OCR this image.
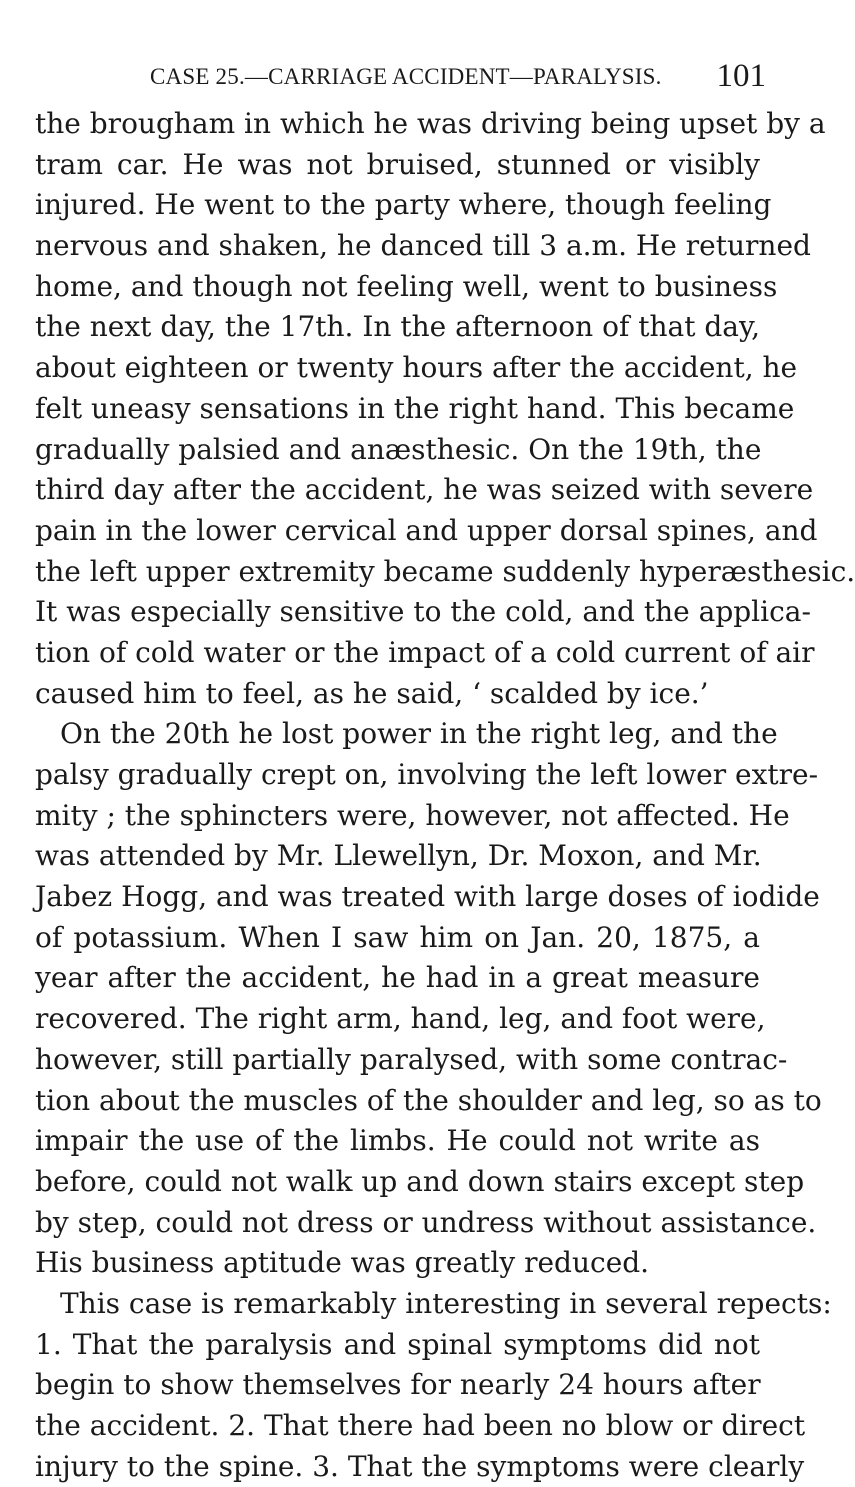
CASE 25.—CARRIAGE ACCIDENT—PARALYSIS. 101
the brougham in which he was driving being upset by a
tram car. He was not bruised, stunned or visibly
injured. He went to the party where, though feeling
nervous and shaken, he danced till 3 a.m. He returned
home, and though not feeling well, went to business
the next day, the 17th. In the afternoon of that day,
about eighteen or twenty hours after the accident, he
felt uneasy sensations in the right hand. This became
gradually palsied and anæsthesic. On the 19th, the
third day after the accident, he was seized with severe
pain in the lower cervical and upper dorsal spines, and
the left upper extremity became suddenly hyperæsthesic.
It was especially sensitive to the cold, and the applica-
tion of cold water or the impact of a cold current of air
caused him to feel, as he said, ‘ scalded by ice.’
On the 20th he lost power in the right leg, and the
palsy gradually crept on, involving the left lower extre-
mity ; the sphincters were, however, not affected. He
was attended by Mr. Llewellyn, Dr. Moxon, and Mr.
Jabez Hogg, and was treated with large doses of iodide
of potassium. When I saw him on Jan. 20, 1875, a
year after the accident, he had in a great measure
recovered. The right arm, hand, leg, and foot were,
however, still partially paralysed, with some contrac-
tion about the muscles of the shoulder and leg, so as to
impair the use of the limbs. He could not write as
before, could not walk up and down stairs except step
by step, could not dress or undress without assistance.
His business aptitude was greatly reduced.
This case is remarkably interesting in several repects:
1. That the paralysis and spinal symptoms did not
begin to show themselves for nearly 24 hours after
the accident. 2. That there had been no blow or direct
injury to the spine. 3. That the symptoms were clearly
